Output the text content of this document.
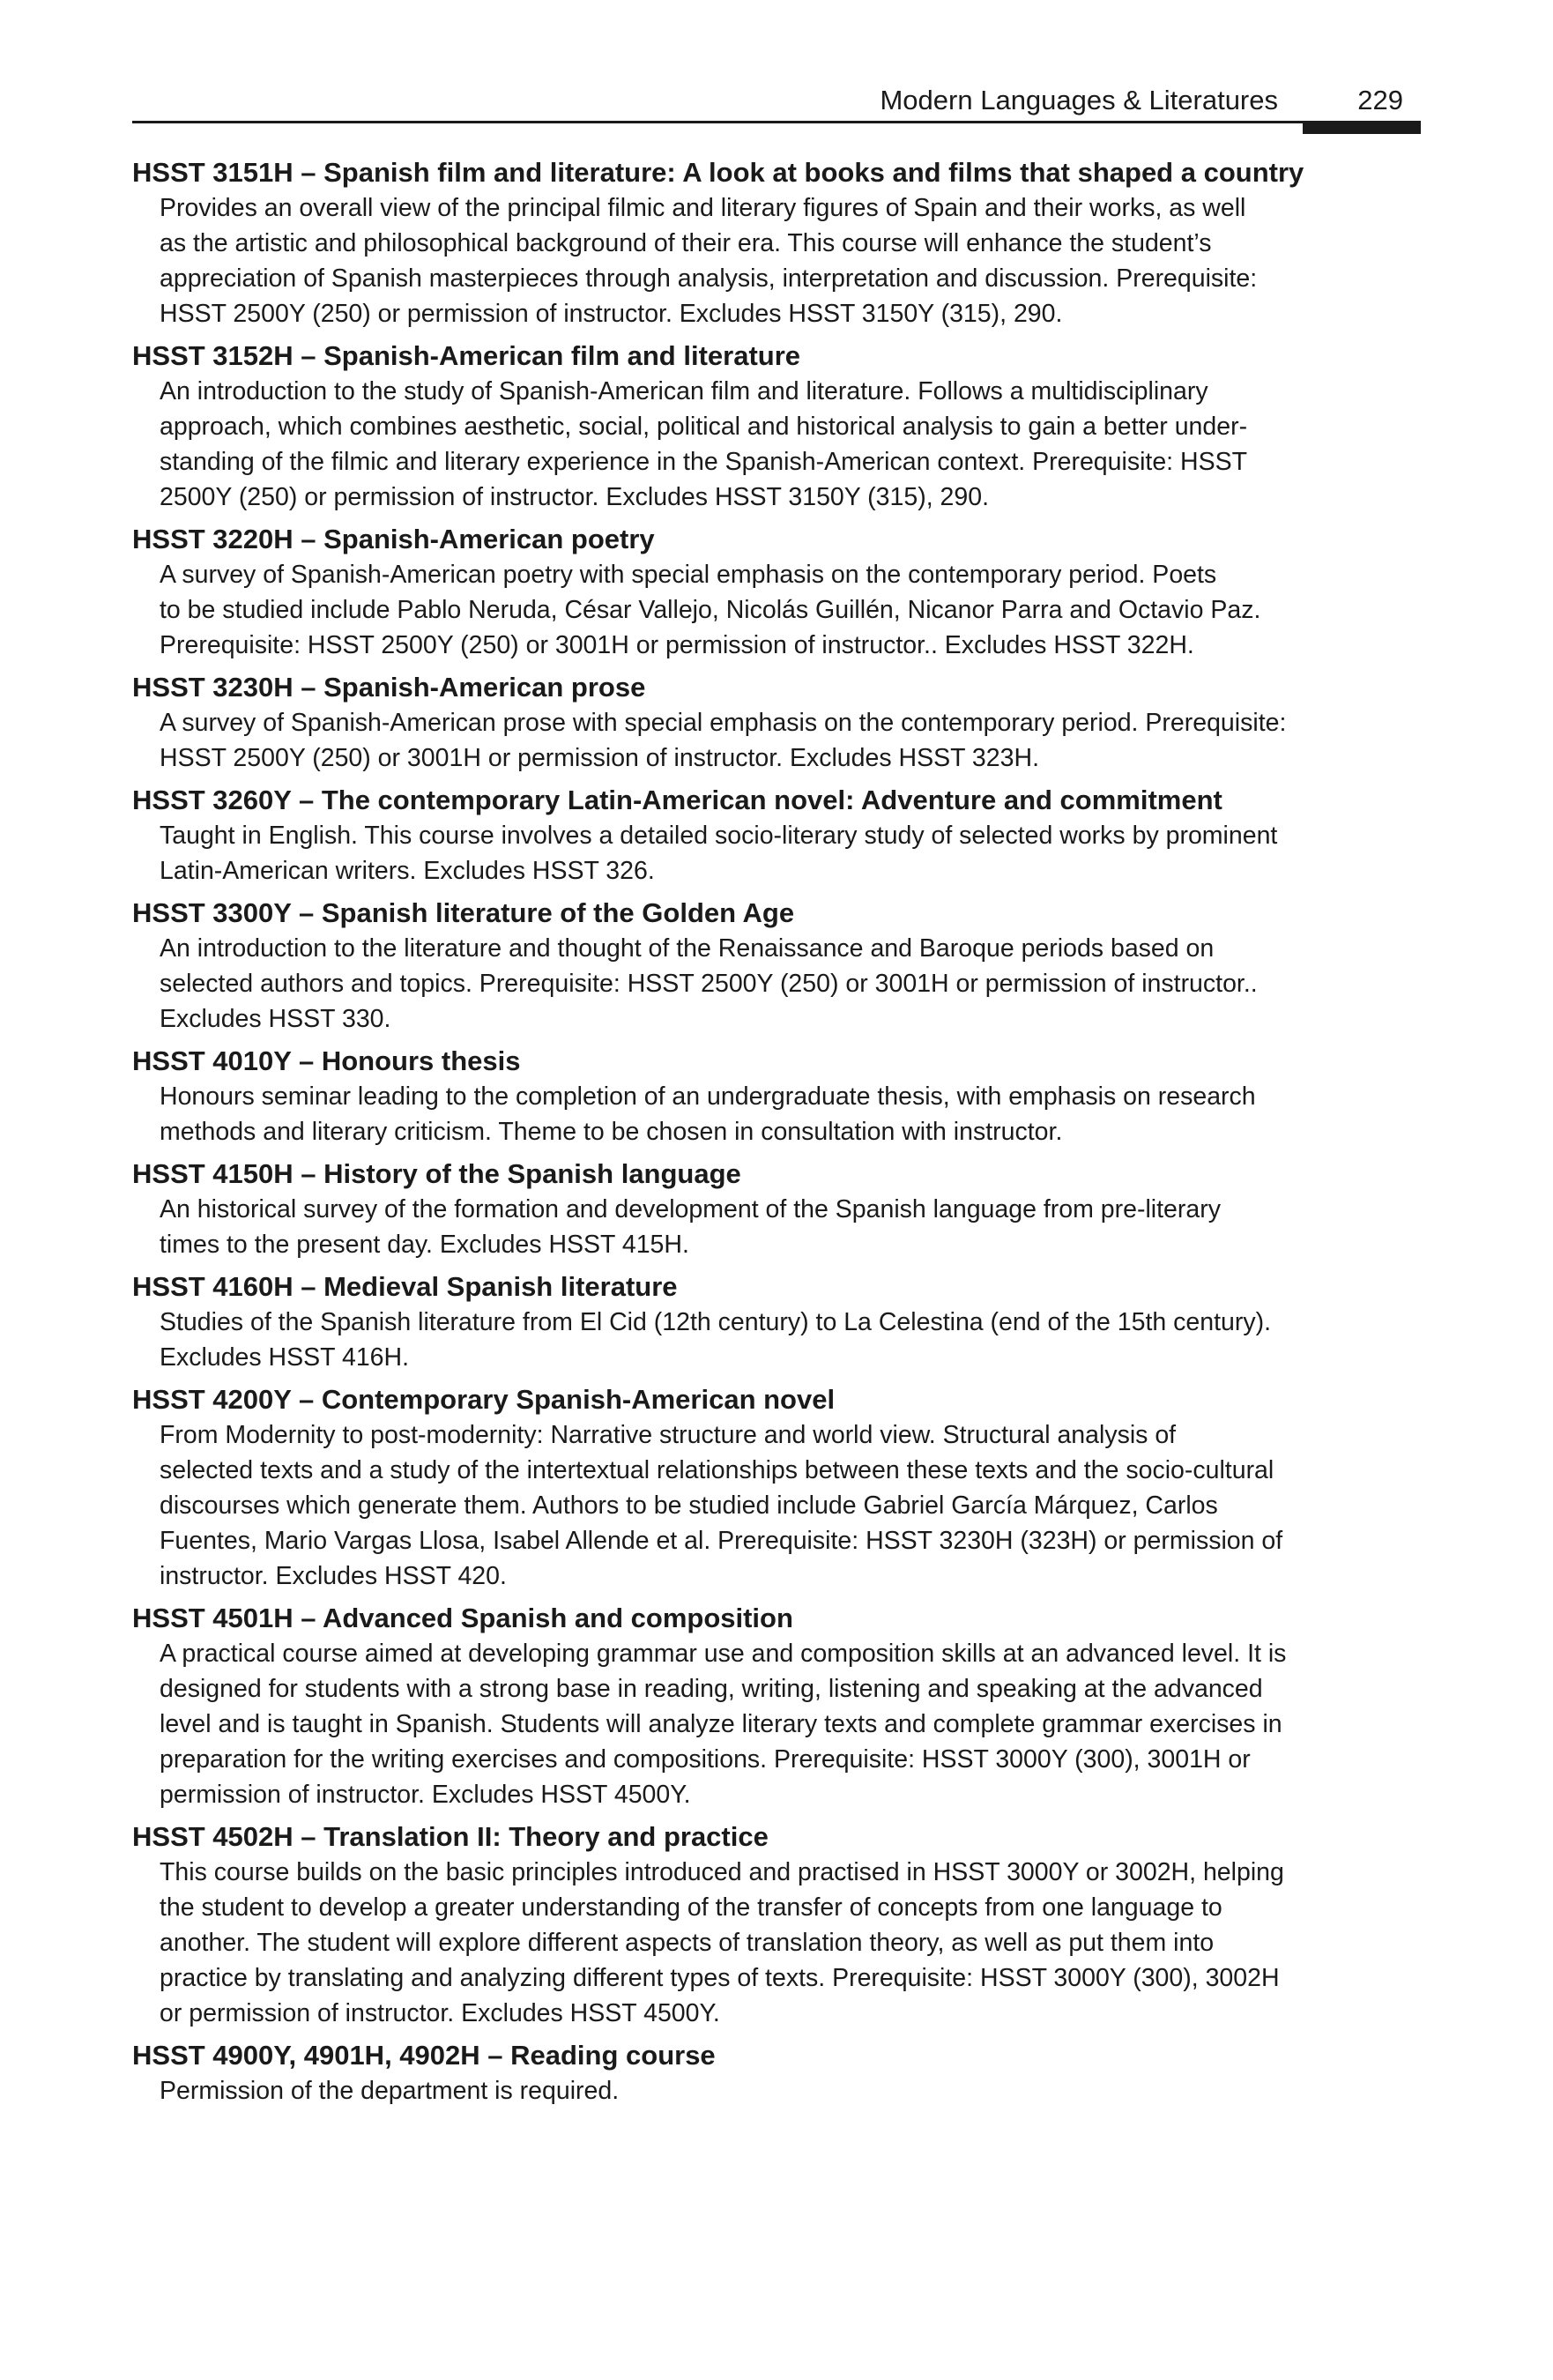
Modern Languages & Literatures	229
HSST 3151H – Spanish film and literature: A look at books and films that shaped a country
Provides an overall view of the principal filmic and literary figures of Spain and their works, as well
as the artistic and philosophical background of their era. This course will enhance the student’s
appreciation of Spanish masterpieces through analysis, interpretation and discussion. Prerequisite:
HSST 2500Y (250) or permission of instructor. Excludes HSST 3150Y (315), 290.
HSST 3152H – Spanish-American film and literature
An introduction to the study of Spanish-American film and literature. Follows a multidisciplinary
approach, which combines aesthetic, social, political and historical analysis to gain a better under-
standing of the filmic and literary experience in the Spanish-American context. Prerequisite: HSST
2500Y (250) or permission of instructor. Excludes HSST 3150Y (315), 290.
HSST 3220H – Spanish-American poetry
A survey of Spanish-American poetry with special emphasis on the contemporary period. Poets
to be studied include Pablo Neruda, César Vallejo, Nicolás Guillén, Nicanor Parra and Octavio Paz.
Prerequisite: HSST 2500Y (250) or 3001H or permission of instructor.. Excludes HSST 322H.
HSST 3230H – Spanish-American prose
A survey of Spanish-American prose with special emphasis on the contemporary period. Prerequisite:
HSST 2500Y (250) or 3001H or permission of instructor. Excludes HSST 323H.
HSST 3260Y – The contemporary Latin-American novel: Adventure and commitment
Taught in English. This course involves a detailed socio-literary study of selected works by prominent
Latin-American writers. Excludes HSST 326.
HSST 3300Y – Spanish literature of the Golden Age
An introduction to the literature and thought of the Renaissance and Baroque periods based on
selected authors and topics. Prerequisite: HSST 2500Y (250) or 3001H or permission of instructor..
Excludes HSST 330.
HSST 4010Y – Honours thesis
Honours seminar leading to the completion of an undergraduate thesis, with emphasis on research
methods and literary criticism. Theme to be chosen in consultation with instructor.
HSST 4150H – History of the Spanish language
An historical survey of the formation and development of the Spanish language from pre-literary
times to the present day. Excludes HSST 415H.
HSST 4160H – Medieval Spanish literature
Studies of the Spanish literature from El Cid (12th century) to La Celestina (end of the 15th century).
Excludes HSST 416H.
HSST 4200Y – Contemporary Spanish-American novel
From Modernity to post-modernity: Narrative structure and world view. Structural analysis of
selected texts and a study of the intertextual relationships between these texts and the socio-cultural
discourses which generate them. Authors to be studied include Gabriel García Márquez, Carlos
Fuentes, Mario Vargas Llosa, Isabel Allende et al. Prerequisite: HSST 3230H (323H) or permission of
instructor. Excludes HSST 420.
HSST 4501H – Advanced Spanish and composition
A practical course aimed at developing grammar use and composition skills at an advanced level. It is
designed for students with a strong base in reading, writing, listening and speaking at the advanced
level and is taught in Spanish. Students will analyze literary texts and complete grammar exercises in
preparation for the writing exercises and compositions. Prerequisite: HSST 3000Y (300), 3001H or
permission of instructor. Excludes HSST 4500Y.
HSST 4502H – Translation II: Theory and practice
This course builds on the basic principles introduced and practised in HSST 3000Y or 3002H, helping
the student to develop a greater understanding of the transfer of concepts from one language to
another. The student will explore different aspects of translation theory, as well as put them into
practice by translating and analyzing different types of texts. Prerequisite: HSST 3000Y (300), 3002H
or permission of instructor. Excludes HSST 4500Y.
HSST 4900Y, 4901H, 4902H – Reading course
Permission of the department is required.
